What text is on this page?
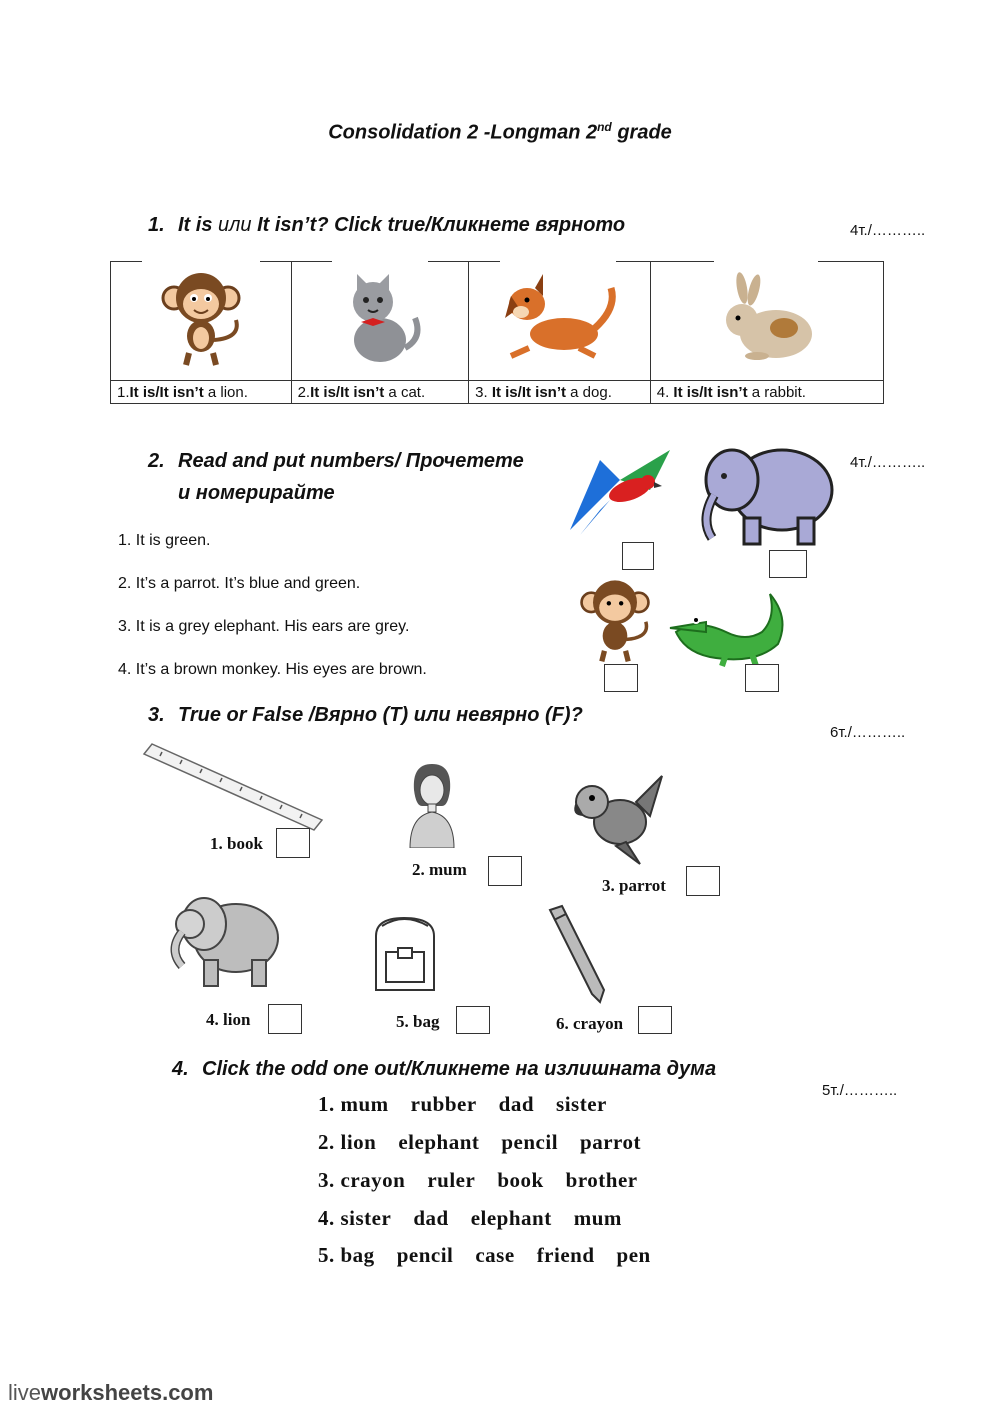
Consolidation 2 -Longman 2nd grade
1. It is или It isn’t? Click true/Кликнете вярното	4т./………..

1.It is/It isn’t a lion.	2.It is/It isn’t a cat.	3. It is/It isn’t a dog.	4. It is/It isn’t a rabbit.
2. Read and put numbers/ Прочетете
и номерирайте
4т./………..
1. It is green.
2. It’s a parrot. It’s blue and green.
3. It is a grey elephant. His ears are grey.
4. It’s a brown monkey. His eyes are brown.
3. True or False /Вярно (T) или невярно (F)?
6т./………..
1. book
2. mum
3. parrot
4. lion	5. bag	6. crayon
4. Click the odd one out/Кликнете на излишната дума
5т./………..
1. mum rubber dad sister
2. lion elephant pencil parrot
3. crayon ruler book brother
4. sister dad elephant mum
5. bag pencil case friend pen
liveworksheets.com
